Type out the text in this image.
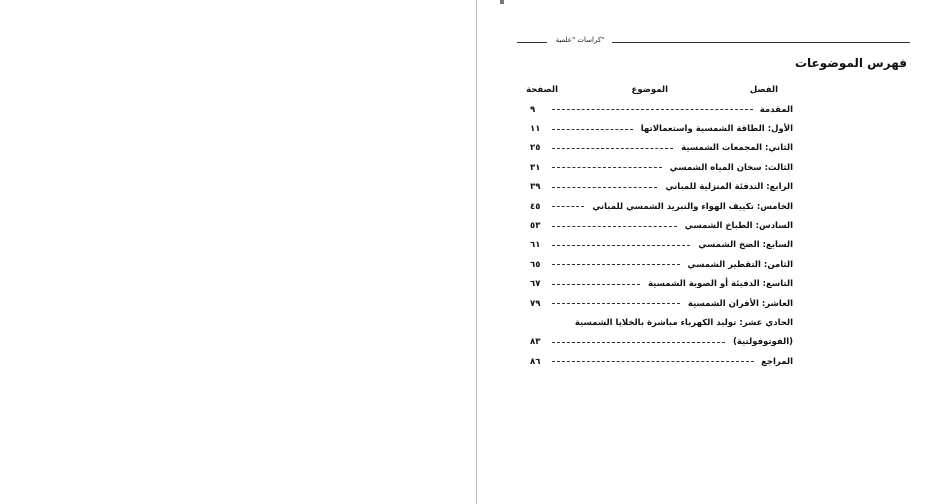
كراسات "علمية"
فهرس الموضوعات
الفصل
الموضوع
الصفحة
المقدمة
٩
الأول:
الطاقة الشمسية واستعمالاتها
١١
الثاني:
المجمعات الشمسية
٢٥
الثالث:
سخان المياه الشمسي
٣١
الرابع:
التدفئة المنزلية للمباني
٣٩
الخامس:
تكييف الهواء والتبريد الشمسي للمباني
٤٥
السادس:
الطباخ الشمسي
٥٣
السابع:
الضخ الشمسي
٦١
الثامن:
التقطير الشمسي
٦٥
التاسع:
الدفيئة أو الصوبة الشمسية
٦٧
العاشر:
الأفران الشمسية
٧٩
الحادي عشر:
توليد الكهرباء مباشرة بالخلايا الشمسية
(الفوتوفولتية)
٨٣
المراجع
٨٦
